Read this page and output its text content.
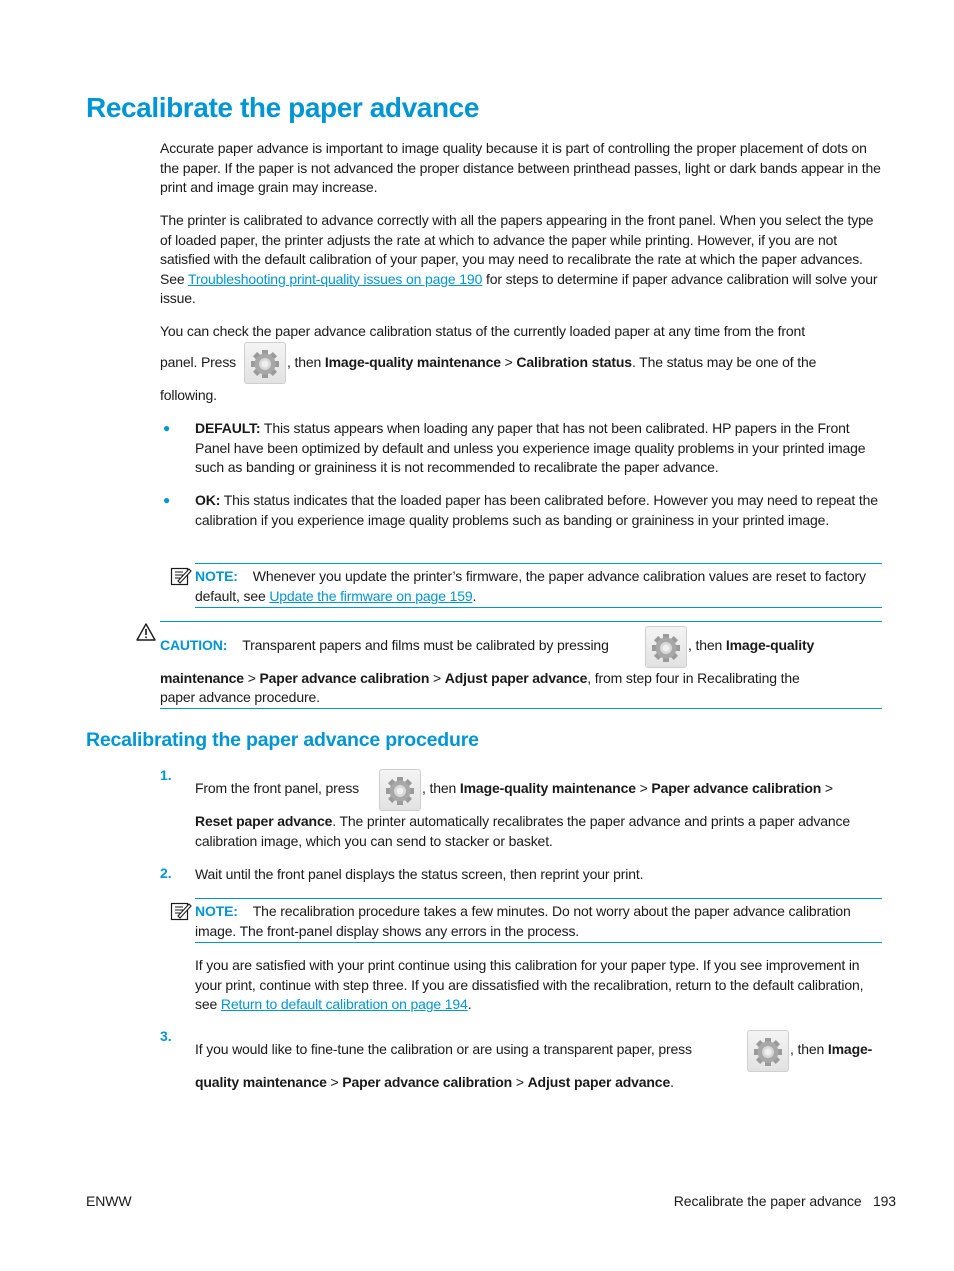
Recalibrate the paper advance
Accurate paper advance is important to image quality because it is part of controlling the proper placement of dots on the paper. If the paper is not advanced the proper distance between printhead passes, light or dark bands appear in the print and image grain may increase.
The printer is calibrated to advance correctly with all the papers appearing in the front panel. When you select the type of loaded paper, the printer adjusts the rate at which to advance the paper while printing. However, if you are not satisfied with the default calibration of your paper, you may need to recalibrate the rate at which the paper advances. See Troubleshooting print-quality issues on page 190 for steps to determine if paper advance calibration will solve your issue.
You can check the paper advance calibration status of the currently loaded paper at any time from the front
panel. Press	, then Image-quality maintenance > Calibration status. The status may be one of the
following.
● DEFAULT: This status appears when loading any paper that has not been calibrated. HP papers in the Front Panel have been optimized by default and unless you experience image quality problems in your printed image such as banding or graininess it is not recommended to recalibrate the paper advance.
● OK: This status indicates that the loaded paper has been calibrated before. However you may need to repeat the calibration if you experience image quality problems such as banding or graininess in your printed image.
NOTE: Whenever you update the printer’s firmware, the paper advance calibration values are reset to factory default, see Update the firmware on page 159.
CAUTION: Transparent papers and films must be calibrated by pressing	, then Image-quality
maintenance > Paper advance calibration > Adjust paper advance, from step four in Recalibrating the
paper advance procedure.
Recalibrating the paper advance procedure
1.
From the front panel, press	, then Image-quality maintenance > Paper advance calibration >
Reset paper advance. The printer automatically recalibrates the paper advance and prints a paper advance calibration image, which you can send to stacker or basket.
2. Wait until the front panel displays the status screen, then reprint your print.
NOTE: The recalibration procedure takes a few minutes. Do not worry about the paper advance calibration image. The front-panel display shows any errors in the process.
If you are satisfied with your print continue using this calibration for your paper type. If you see improvement in your print, continue with step three. If you are dissatisfied with the recalibration, return to the default calibration, see Return to default calibration on page 194.
3.
If you would like to fine-tune the calibration or are using a transparent paper, press	, then Image-
quality maintenance > Paper advance calibration > Adjust paper advance.
ENWW	Recalibrate the paper advance 193
